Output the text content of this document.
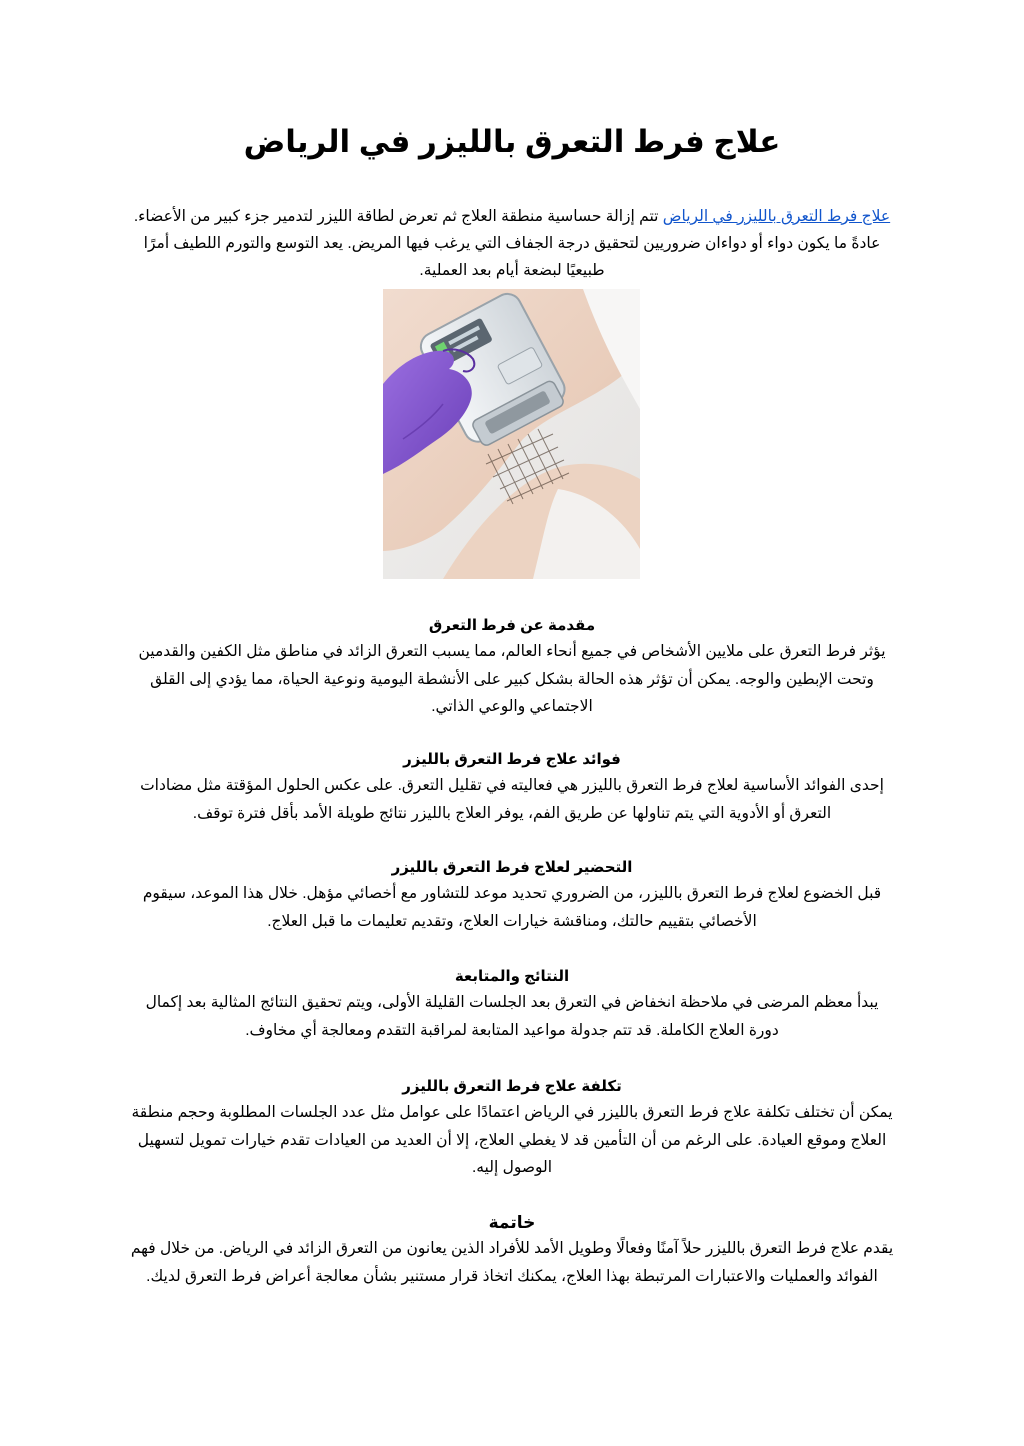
علاج فرط التعرق بالليزر في الرياض

علاج فرط التعرق بالليزر في الرياض تتم إزالة حساسية منطقة العلاج ثم تعرض لطاقة الليزر لتدمير جزء كبير من الأعضاء. عادةً ما يكون دواء أو دواءان ضروريين لتحقيق درجة الجفاف التي يرغب فيها المريض. يعد التوسع والتورم اللطيف أمرًا طبيعيًا لبضعة أيام بعد العملية.

مقدمة عن فرط التعرق

يؤثر فرط التعرق على ملايين الأشخاص في جميع أنحاء العالم، مما يسبب التعرق الزائد في مناطق مثل الكفين والقدمين وتحت الإبطين والوجه. يمكن أن تؤثر هذه الحالة بشكل كبير على الأنشطة اليومية ونوعية الحياة، مما يؤدي إلى القلق الاجتماعي والوعي الذاتي.

فوائد علاج فرط التعرق بالليزر

إحدى الفوائد الأساسية لعلاج فرط التعرق بالليزر هي فعاليته في تقليل التعرق. على عكس الحلول المؤقتة مثل مضادات التعرق أو الأدوية التي يتم تناولها عن طريق الفم، يوفر العلاج بالليزر نتائج طويلة الأمد بأقل فترة توقف.

التحضير لعلاج فرط التعرق بالليزر

قبل الخضوع لعلاج فرط التعرق بالليزر، من الضروري تحديد موعد للتشاور مع أخصائي مؤهل. خلال هذا الموعد، سيقوم الأخصائي بتقييم حالتك، ومناقشة خيارات العلاج، وتقديم تعليمات ما قبل العلاج.

النتائج والمتابعة

يبدأ معظم المرضى في ملاحظة انخفاض في التعرق بعد الجلسات القليلة الأولى، ويتم تحقيق النتائج المثالية بعد إكمال دورة العلاج الكاملة. قد تتم جدولة مواعيد المتابعة لمراقبة التقدم ومعالجة أي مخاوف.

تكلفة علاج فرط التعرق بالليزر

يمكن أن تختلف تكلفة علاج فرط التعرق بالليزر في الرياض اعتمادًا على عوامل مثل عدد الجلسات المطلوبة وحجم منطقة العلاج وموقع العيادة. على الرغم من أن التأمين قد لا يغطي العلاج، إلا أن العديد من العيادات تقدم خيارات تمويل لتسهيل الوصول إليه.

خاتمة

يقدم علاج فرط التعرق بالليزر حلاً آمنًا وفعالًا وطويل الأمد للأفراد الذين يعانون من التعرق الزائد في الرياض. من خلال فهم الفوائد والعمليات والاعتبارات المرتبطة بهذا العلاج، يمكنك اتخاذ قرار مستنير بشأن معالجة أعراض فرط التعرق لديك.
